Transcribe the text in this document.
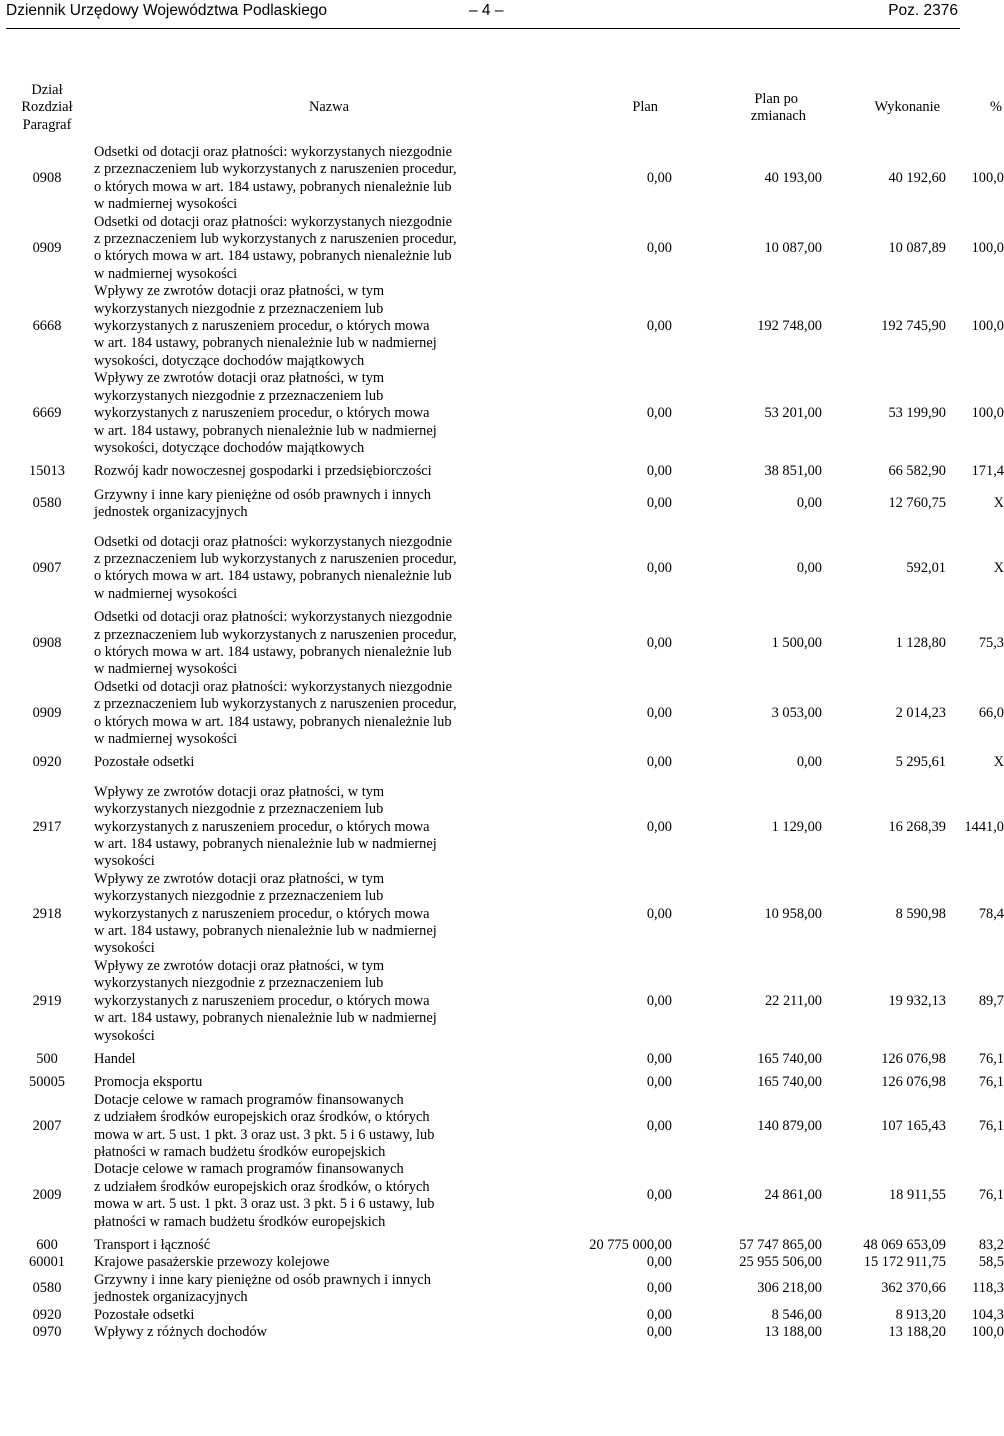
Dziennik Urzędowy Województwa Podlaskiego	– 4 –	Poz. 2376
Dział
Rozdział
Paragraf	Nazwa	Plan	Plan po
zmianach	Wykonanie	%
0908	Odsetki od dotacji oraz płatności: wykorzystanych niezgodnie
z przeznaczeniem lub wykorzystanych z naruszenien procedur,
o których mowa w art. 184 ustawy, pobranych nienależnie lub
w nadmiernej wysokości	0,00	40 193,00	40 192,60	100,0
0909	Odsetki od dotacji oraz płatności: wykorzystanych niezgodnie
z przeznaczeniem lub wykorzystanych z naruszenien procedur,
o których mowa w art. 184 ustawy, pobranych nienależnie lub
w nadmiernej wysokości	0,00	10 087,00	10 087,89	100,0
6668	Wpływy ze zwrotów dotacji oraz płatności, w tym
wykorzystanych niezgodnie z przeznaczeniem lub
wykorzystanych z naruszeniem procedur, o których mowa
w art. 184 ustawy, pobranych nienależnie lub w nadmiernej
wysokości, dotyczące dochodów majątkowych	0,00	192 748,00	192 745,90	100,0
6669	Wpływy ze zwrotów dotacji oraz płatności, w tym
wykorzystanych niezgodnie z przeznaczeniem lub
wykorzystanych z naruszeniem procedur, o których mowa
w art. 184 ustawy, pobranych nienależnie lub w nadmiernej
wysokości, dotyczące dochodów majątkowych	0,00	53 201,00	53 199,90	100,0

15013	Rozwój kadr nowoczesnej gospodarki i przedsiębiorczości	0,00	38 851,00	66 582,90	171,4

0580	Grzywny i inne kary pieniężne od osób prawnych i innych
jednostek organizacyjnych	0,00	0,00	12 760,75	X

0907	Odsetki od dotacji oraz płatności: wykorzystanych niezgodnie
z przeznaczeniem lub wykorzystanych z naruszenien procedur,
o których mowa w art. 184 ustawy, pobranych nienależnie lub
w nadmiernej wysokości	0,00	0,00	592,01	X

0908	Odsetki od dotacji oraz płatności: wykorzystanych niezgodnie
z przeznaczeniem lub wykorzystanych z naruszenien procedur,
o których mowa w art. 184 ustawy, pobranych nienależnie lub
w nadmiernej wysokości	0,00	1 500,00	1 128,80	75,3
0909	Odsetki od dotacji oraz płatności: wykorzystanych niezgodnie
z przeznaczeniem lub wykorzystanych z naruszenien procedur,
o których mowa w art. 184 ustawy, pobranych nienależnie lub
w nadmiernej wysokości	0,00	3 053,00	2 014,23	66,0

0920	Pozostałe odsetki	0,00	0,00	5 295,61	X

2917	Wpływy ze zwrotów dotacji oraz płatności, w tym
wykorzystanych niezgodnie z przeznaczeniem lub
wykorzystanych z naruszeniem procedur, o których mowa
w art. 184 ustawy, pobranych nienależnie lub w nadmiernej
wysokości	0,00	1 129,00	16 268,39	1441,0
2918	Wpływy ze zwrotów dotacji oraz płatności, w tym
wykorzystanych niezgodnie z przeznaczeniem lub
wykorzystanych z naruszeniem procedur, o których mowa
w art. 184 ustawy, pobranych nienależnie lub w nadmiernej
wysokości	0,00	10 958,00	8 590,98	78,4
2919	Wpływy ze zwrotów dotacji oraz płatności, w tym
wykorzystanych niezgodnie z przeznaczeniem lub
wykorzystanych z naruszeniem procedur, o których mowa
w art. 184 ustawy, pobranych nienależnie lub w nadmiernej
wysokości	0,00	22 211,00	19 932,13	89,7

500	Handel	0,00	165 740,00	126 076,98	76,1

50005	Promocja eksportu	0,00	165 740,00	126 076,98	76,1
2007	Dotacje celowe w ramach programów finansowanych
z udziałem środków europejskich oraz środków, o których
mowa w art. 5 ust. 1 pkt. 3 oraz ust. 3 pkt. 5 i 6 ustawy, lub
płatności w ramach budżetu środków europejskich	0,00	140 879,00	107 165,43	76,1
2009	Dotacje celowe w ramach programów finansowanych
z udziałem środków europejskich oraz środków, o których
mowa w art. 5 ust. 1 pkt. 3 oraz ust. 3 pkt. 5 i 6 ustawy, lub
płatności w ramach budżetu środków europejskich	0,00	24 861,00	18 911,55	76,1

600	Transport i łączność	20 775 000,00	57 747 865,00	48 069 653,09	83,2
60001	Krajowe pasażerskie przewozy kolejowe	0,00	25 955 506,00	15 172 911,75	58,5
0580	Grzywny i inne kary pieniężne od osób prawnych i innych
jednostek organizacyjnych	0,00	306 218,00	362 370,66	118,3
0920	Pozostałe odsetki	0,00	8 546,00	8 913,20	104,3
0970	Wpływy z różnych dochodów	0,00	13 188,00	13 188,20	100,0
